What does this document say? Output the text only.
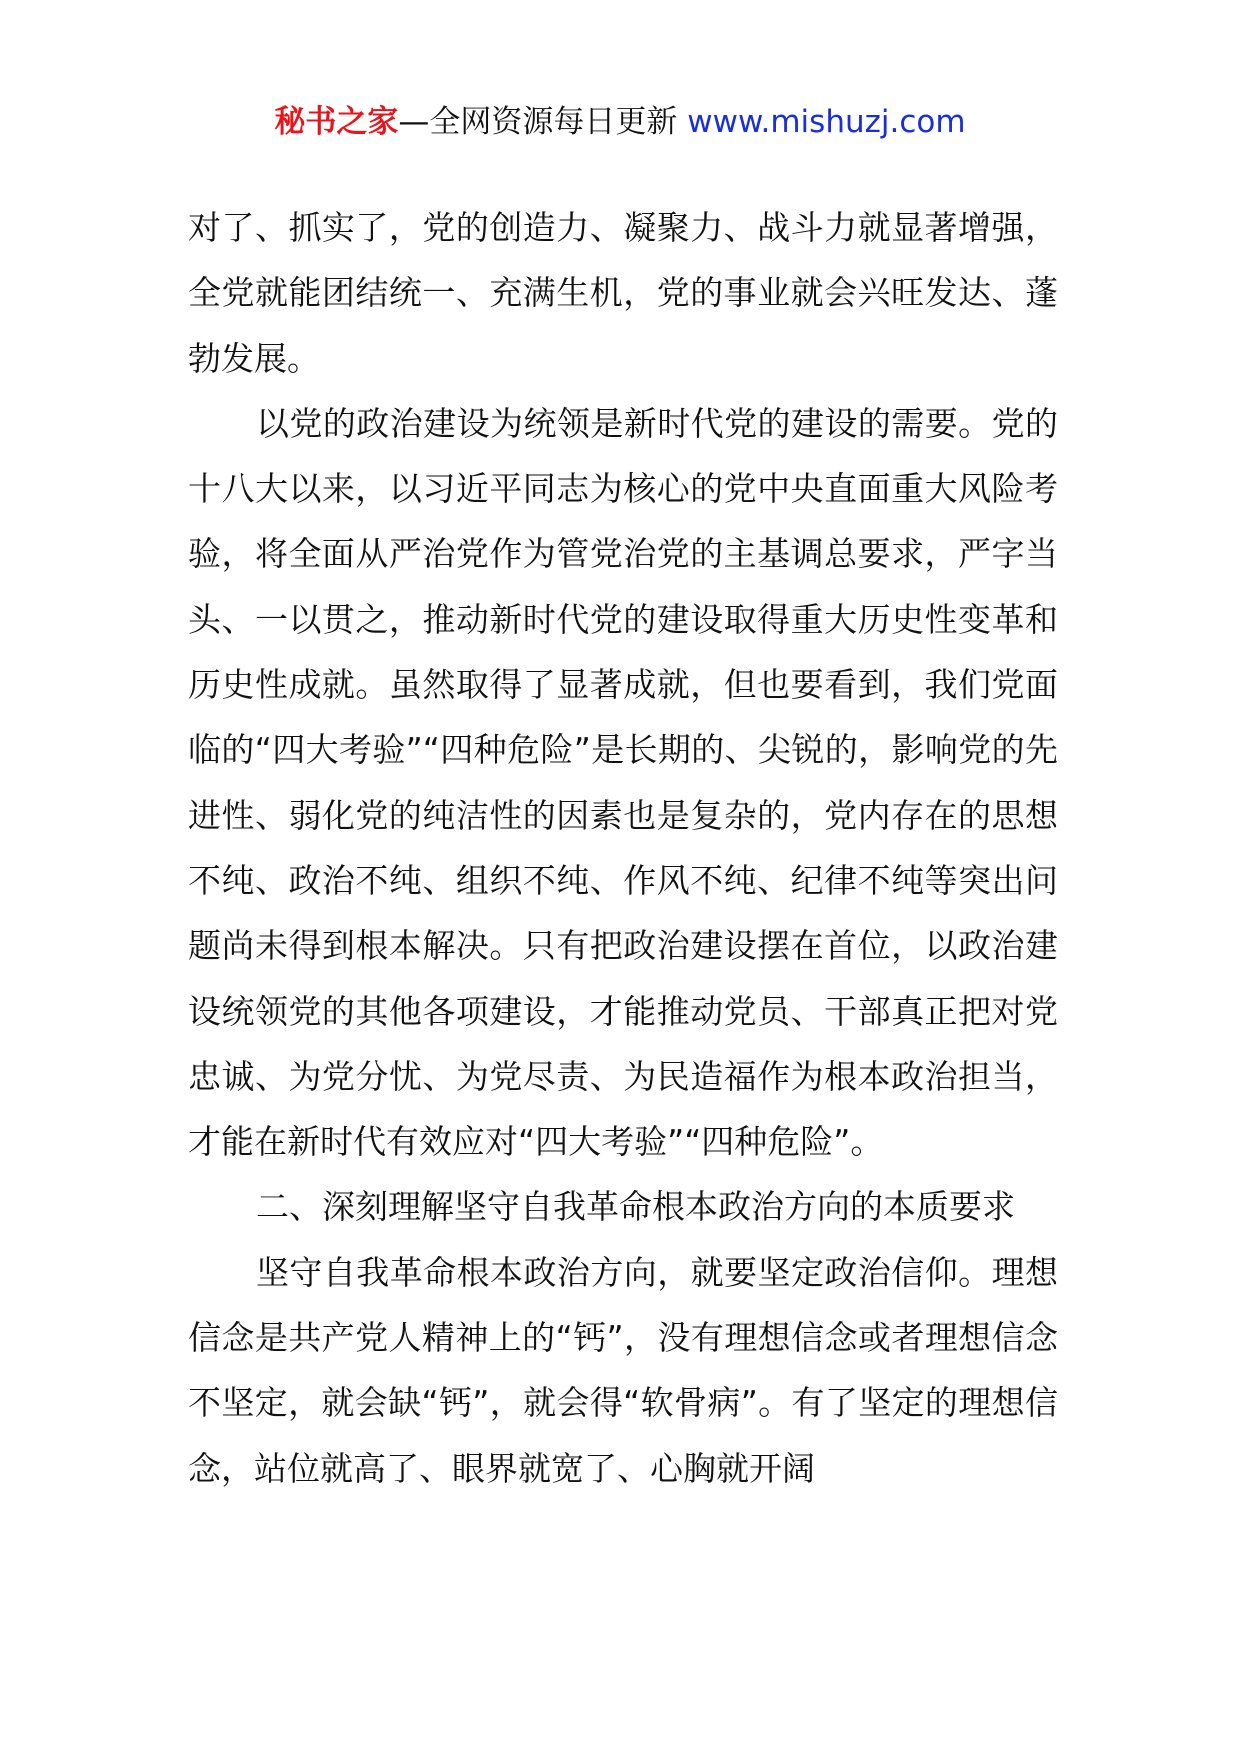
秘书之家—全网资源每日更新 www.mishuzj.com

对了、抓实了，党的创造力、凝聚力、战斗力就显著增强，全党就能团结统一、充满生机，党的事业就会兴旺发达、蓬勃发展。

以党的政治建设为统领是新时代党的建设的需要。党的十八大以来，以习近平同志为核心的党中央直面重大风险考验，将全面从严治党作为管党治党的主基调总要求，严字当头、一以贯之，推动新时代党的建设取得重大历史性变革和历史性成就。虽然取得了显著成就，但也要看到，我们党面临的“四大考验”“四种危险”是长期的、尖锐的，影响党的先进性、弱化党的纯洁性的因素也是复杂的，党内存在的思想不纯、政治不纯、组织不纯、作风不纯、纪律不纯等突出问题尚未得到根本解决。只有把政治建设摆在首位，以政治建设统领党的其他各项建设，才能推动党员、干部真正把对党忠诚、为党分忧、为党尽责、为民造福作为根本政治担当，才能在新时代有效应对“四大考验”“四种危险”。

二、深刻理解坚守自我革命根本政治方向的本质要求

坚守自我革命根本政治方向，就要坚定政治信仰。理想信念是共产党人精神上的“钙”，没有理想信念或者理想信念不坚定，就会缺“钙”，就会得“软骨病”。有了坚定的理想信念，站位就高了、眼界就宽了、心胸就开阔
